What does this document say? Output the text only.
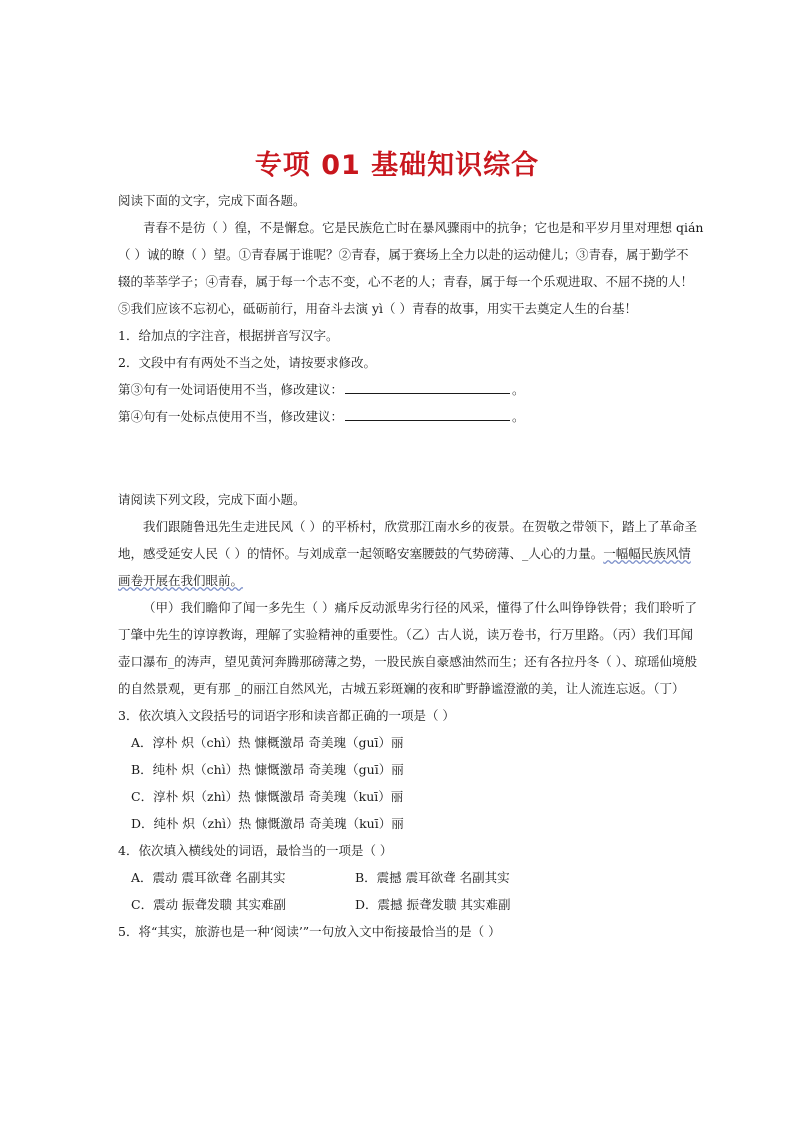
专项 01 基础知识综合
阅读下面的文字，完成下面各题。
青春不是彷（ ）徨，不是懈怠。它是民族危亡时在暴风骤雨中的抗争；它也是和平岁月里对理想 qián
（ ）诚的瞭（ ）望。①青春属于谁呢？②青春，属于赛场上全力以赴的运动健儿；③青春，属于勤学不
辍的莘莘学子；④青春，属于每一个志不变，心不老的人；青春，属于每一个乐观进取、不屈不挠的人！
⑤我们应该不忘初心，砥砺前行，用奋斗去演 yì（ ）青春的故事，用实干去奠定人生的台基！
1．给加点的字注音，根据拼音写汉字。
2．文段中有有两处不当之处，请按要求修改。
第③句有一处词语使用不当，修改建议：	。
第④句有一处标点使用不当，修改建议：	。
请阅读下列文段，完成下面小题。
我们跟随鲁迅先生走进民风（ ）的平桥村，欣赏那江南水乡的夜景。在贺敬之带领下，踏上了革命圣
地，感受延安人民（ ）的情怀。与刘成章一起领略安塞腰鼓的气势磅薄、_人心的力量。一幅幅民族风情
画卷开展在我们眼前。
（甲）我们瞻仰了闻一多先生（ ）痛斥反动派卑劣行径的风采，懂得了什么叫铮铮铁骨；我们聆听了
丁肇中先生的谆谆教诲，理解了实验精神的重要性。（乙）古人说，读万卷书，行万里路。（丙）我们耳闻
壶口瀑布_的涛声，望见黄河奔腾那磅薄之势，一股民族自豪感油然而生；还有各拉丹冬（ ）、琼瑶仙境般
的自然景观，更有那 _的丽江自然风光，古城五彩斑斓的夜和旷野静谧澄澈的美，让人流连忘返。（丁）
3．依次填入文段括号的词语字形和读音都正确的一项是（ ）
A．淳朴 炽（chì）热 慷概激昂 奇美瑰（guī）丽
B．纯朴 炽（chì）热 慷慨激昂 奇美瑰（guī）丽
C．淳朴 炽（zhì）热 慷慨激昂 奇美瑰（kuī）丽
D．纯朴 炽（zhì）热 慷慨激昂 奇美瑰（kuī）丽
4．依次填入横线处的词语，最恰当的一项是（ ）
A．震动 震耳欲聋 名副其实	B．震撼 震耳欲聋 名副其实
C．震动 振聋发聩 其实难副	D．震撼 振聋发聩 其实难副
5．将“其实，旅游也是一种‘阅读’”一句放入文中衔接最恰当的是（ ）
